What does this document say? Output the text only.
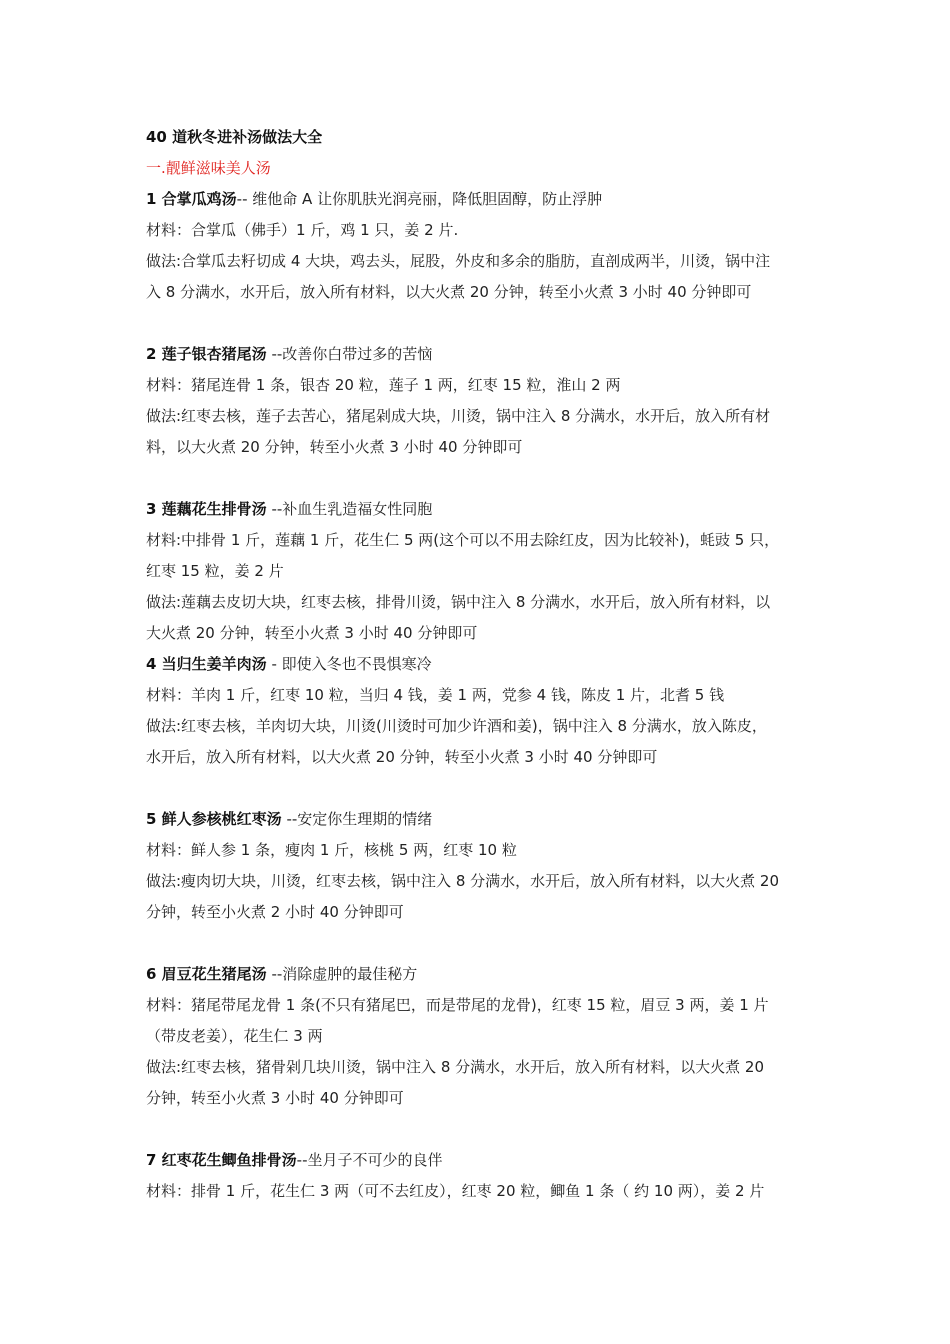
40 道秋冬进补汤做法大全
一.靓鲜滋味美人汤
1 合掌瓜鸡汤-- 维他命 A 让你肌肤光润亮丽，降低胆固醇，防止浮肿
材料：合掌瓜（佛手）1 斤，鸡 1 只，姜 2 片.
做法:合掌瓜去籽切成 4 大块，鸡去头，屁股，外皮和多余的脂肪，直剖成两半，川烫，锅中注
入 8 分满水，水开后，放入所有材料，以大火煮 20 分钟，转至小火煮 3 小时 40 分钟即可
2 莲子银杏猪尾汤 --改善你白带过多的苦恼
材料：猪尾连骨 1 条，银杏 20 粒，莲子 1 两，红枣 15 粒，淮山 2 两
做法:红枣去核，莲子去苦心，猪尾剁成大块，川烫，锅中注入 8 分满水，水开后，放入所有材
料，以大火煮 20 分钟，转至小火煮 3 小时 40 分钟即可
3 莲藕花生排骨汤 --补血生乳造福女性同胞
材料:中排骨 1 斤，莲藕 1 斤，花生仁 5 两(这个可以不用去除红皮，因为比较补)，蚝豉 5 只，
红枣 15 粒，姜 2 片
做法:莲藕去皮切大块，红枣去核，排骨川烫，锅中注入 8 分满水，水开后，放入所有材料，以
大火煮 20 分钟，转至小火煮 3 小时 40 分钟即可
4 当归生姜羊肉汤 - 即使入冬也不畏惧寒冷
材料：羊肉 1 斤，红枣 10 粒，当归 4 钱，姜 1 两，党参 4 钱，陈皮 1 片，北耆 5 钱
做法:红枣去核，羊肉切大块，川烫(川烫时可加少许酒和姜)，锅中注入 8 分满水，放入陈皮，
水开后，放入所有材料，以大火煮 20 分钟，转至小火煮 3 小时 40 分钟即可
5 鲜人参核桃红枣汤 --安定你生理期的情绪
材料：鲜人参 1 条，瘦肉 1 斤，核桃 5 两，红枣 10 粒
做法:瘦肉切大块，川烫，红枣去核，锅中注入 8 分满水，水开后，放入所有材料，以大火煮 20
分钟，转至小火煮 2 小时 40 分钟即可
6 眉豆花生猪尾汤 --消除虚肿的最佳秘方
材料：猪尾带尾龙骨 1 条(不只有猪尾巴，而是带尾的龙骨)，红枣 15 粒，眉豆 3 两，姜 1 片
（带皮老姜），花生仁 3 两
做法:红枣去核，猪骨剁几块川烫，锅中注入 8 分满水，水开后，放入所有材料，以大火煮 20
分钟，转至小火煮 3 小时 40 分钟即可
7 红枣花生鲫鱼排骨汤--坐月子不可少的良伴
材料：排骨 1 斤，花生仁 3 两（可不去红皮），红枣 20 粒，鲫鱼 1 条（ 约 10 两），姜 2 片
